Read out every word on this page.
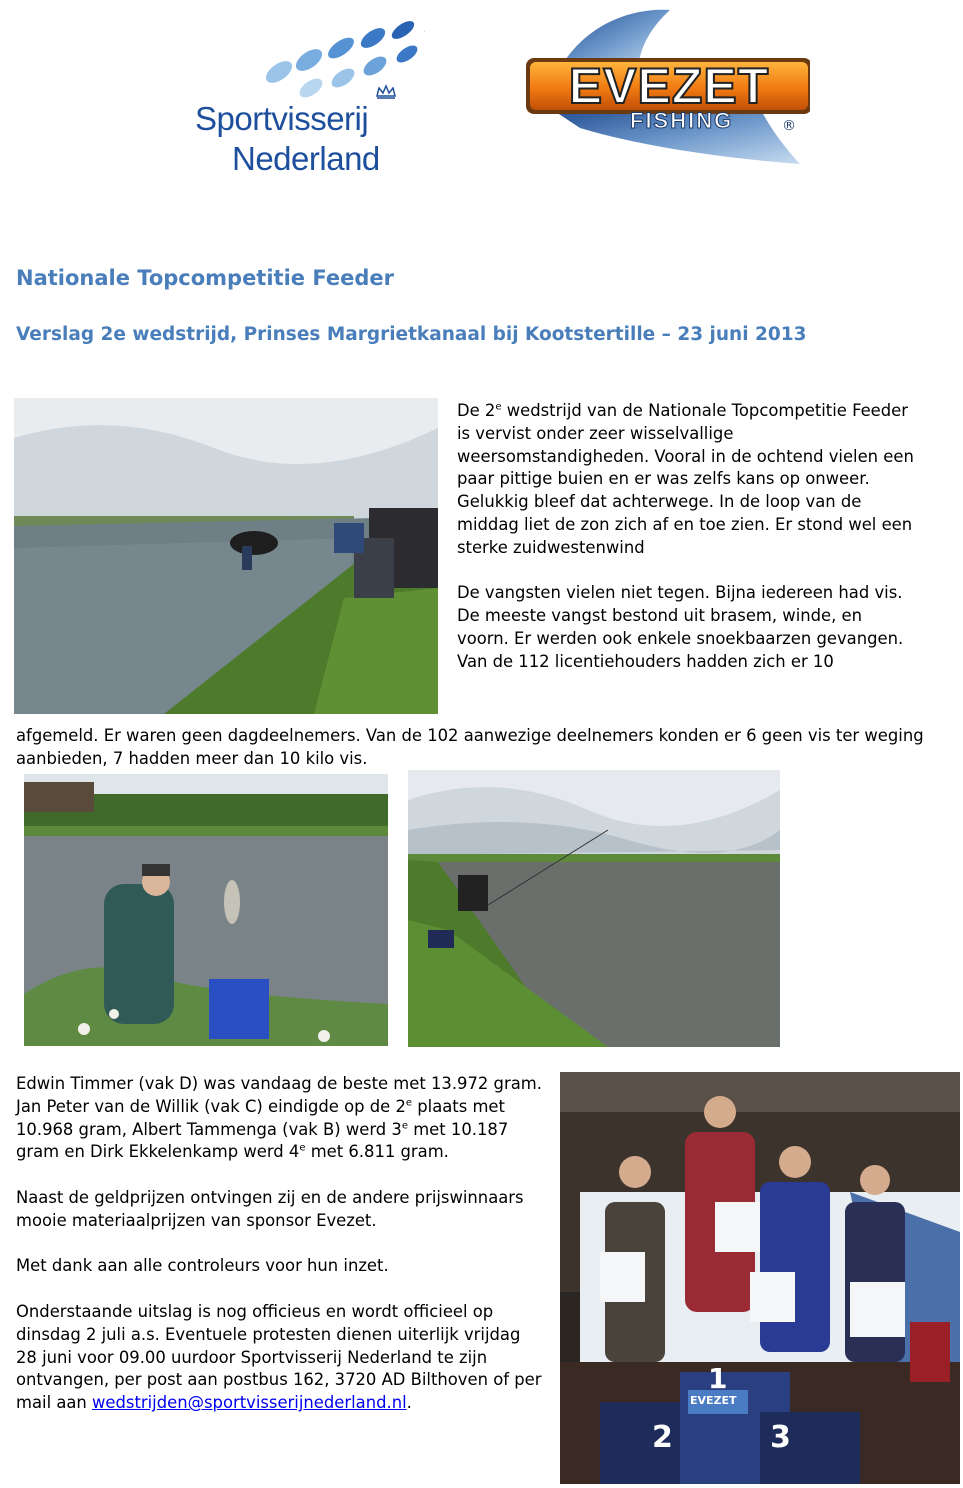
Sportvisserij
Nederland
EVEZET
FISHING	®
Nationale Topcompetitie Feeder
Verslag 2e wedstrijd, Prinses Margrietkanaal bij Kootstertille – 23 juni 2013

De 2e wedstrijd van de Nationale Topcompetitie Feeder is vervist onder zeer wisselvallige weersomstandigheden. Vooral in de ochtend vielen een paar pittige buien en er was zelfs kans op onweer. Gelukkig bleef dat achterwege. In de loop van de middag liet de zon zich af en toe zien. Er stond wel een sterke zuidwestenwind

De vangsten vielen niet tegen. Bijna iedereen had vis. De meeste vangst bestond uit brasem, winde, en voorn. Er werden ook enkele snoekbaarzen gevangen.

Van de 112 licentiehouders hadden zich er 10

afgemeld. Er waren geen dagdeelnemers. Van de 102 aanwezige deelnemers konden er 6 geen vis ter weging aanbieden, 7 hadden meer dan 10 kilo vis.

Edwin Timmer (vak D) was vandaag de beste met 13.972 gram. Jan Peter van de Willik (vak C) eindigde op de 2e plaats met 10.968 gram, Albert Tammenga (vak B) werd 3e met 10.187 gram en Dirk Ekkelenkamp werd 4e met 6.811 gram.

Naast de geldprijzen ontvingen zij en de andere prijswinnaars mooie materiaalprijzen van sponsor Evezet.

Met dank aan alle controleurs voor hun inzet.

Onderstaande uitslag is nog officieus en wordt officieel op dinsdag 2 juli a.s. Eventuele protesten dienen uiterlijk vrijdag 28 juni voor 09.00 uurdoor Sportvisserij Nederland te zijn ontvangen, per post aan postbus 162, 3720 AD Bilthoven of per mail aan wedstrijden@sportvisserijnederland.nl.

1
2	3
EVEZET
